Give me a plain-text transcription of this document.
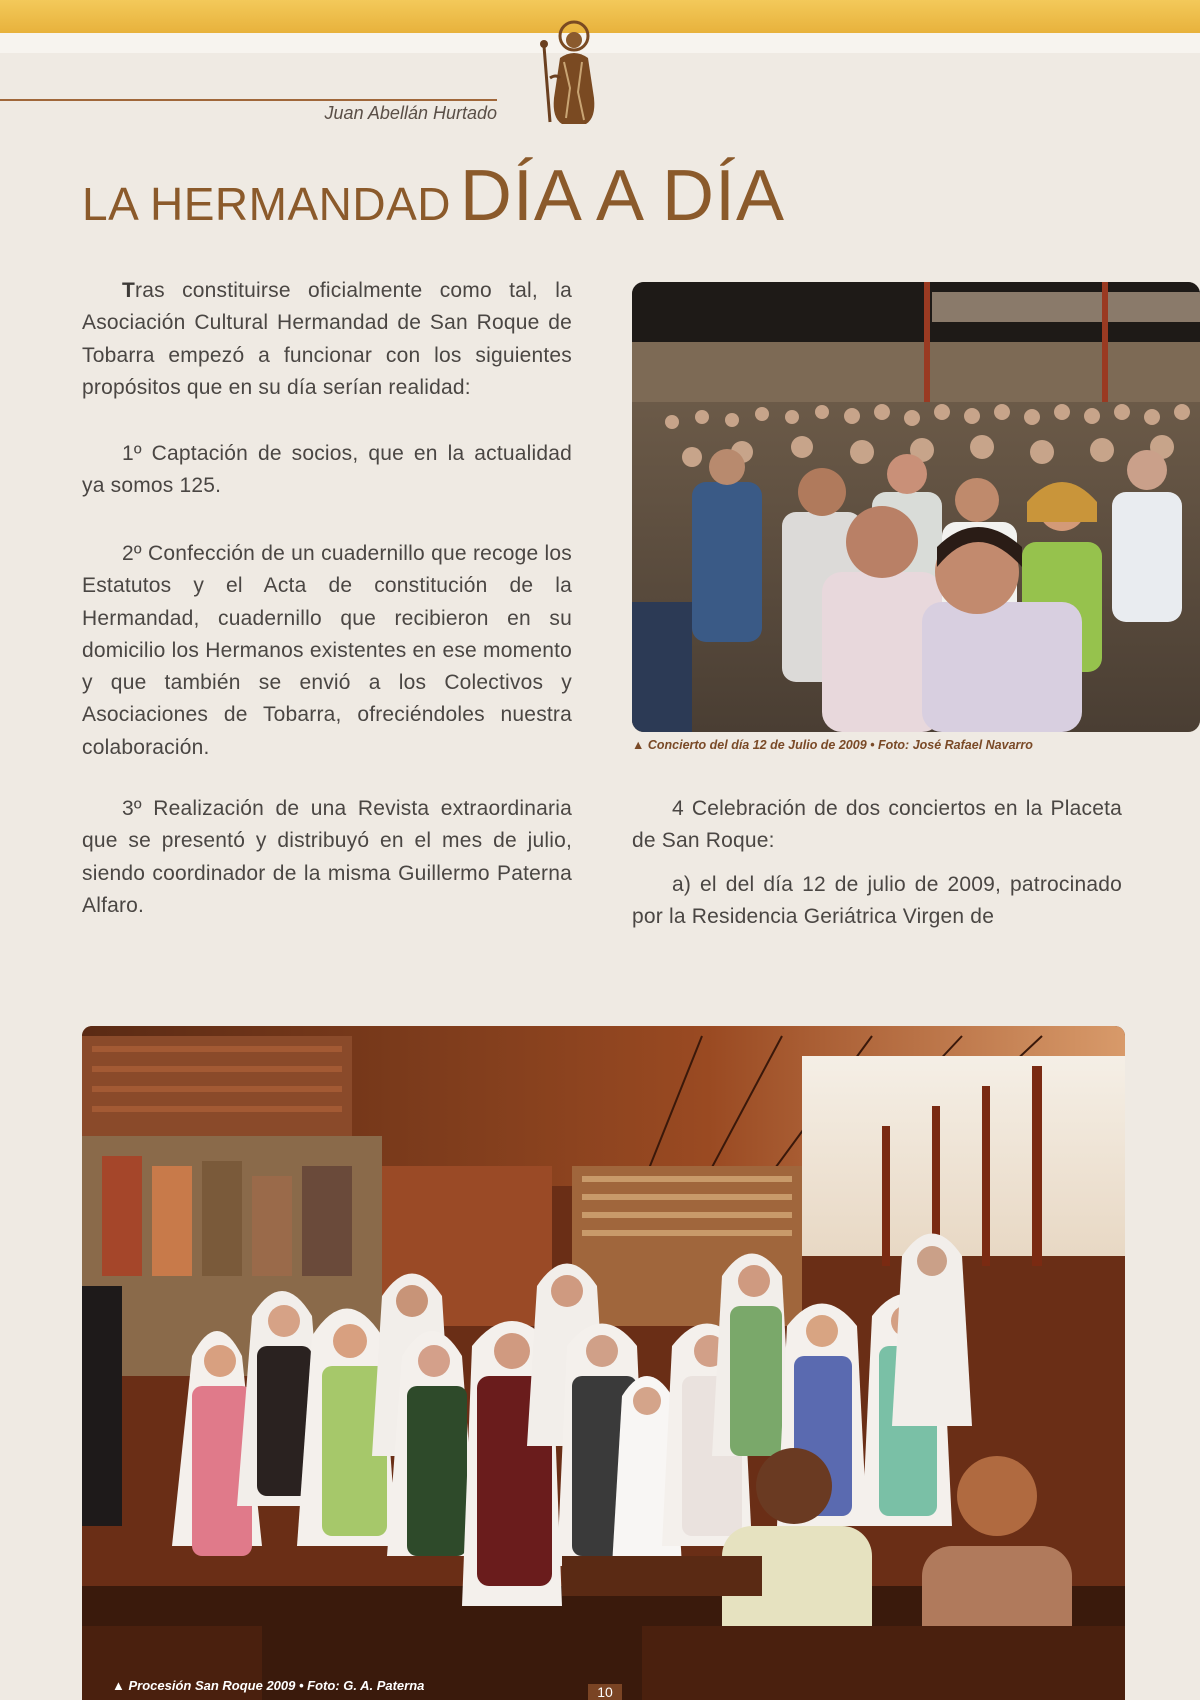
Juan Abellán Hurtado
LA HERMANDAD DÍA A DÍA

Tras constituirse oficialmente como tal, la Asociación Cultural Hermandad de San Roque de Tobarra empezó a funcionar con los siguientes propósitos que en su día serían realidad:

1º Captación de socios, que en la actualidad ya somos 125.

2º Confección de un cuadernillo que recoge los Estatutos y el Acta de constitución de la Hermandad, cuadernillo que recibieron en su domicilio los Hermanos existentes en ese momento y que también se envió a los Colectivos y Asociaciones de Tobarra, ofreciéndoles nuestra colaboración.

3º Realización de una Revista extraordinaria que se presentó y distribuyó en el mes de julio, siendo coordinador de la misma Guillermo Paterna Alfaro.

4 Celebración de dos conciertos en la Placeta de San Roque:

a) el del día 12 de julio de 2009, patrocinado por la Residencia Geriátrica Virgen de

▲ Concierto del día 12 de Julio de 2009 • Foto: José Rafael Navarro
▲ Procesión San Roque 2009 • Foto: G. A. Paterna	10
